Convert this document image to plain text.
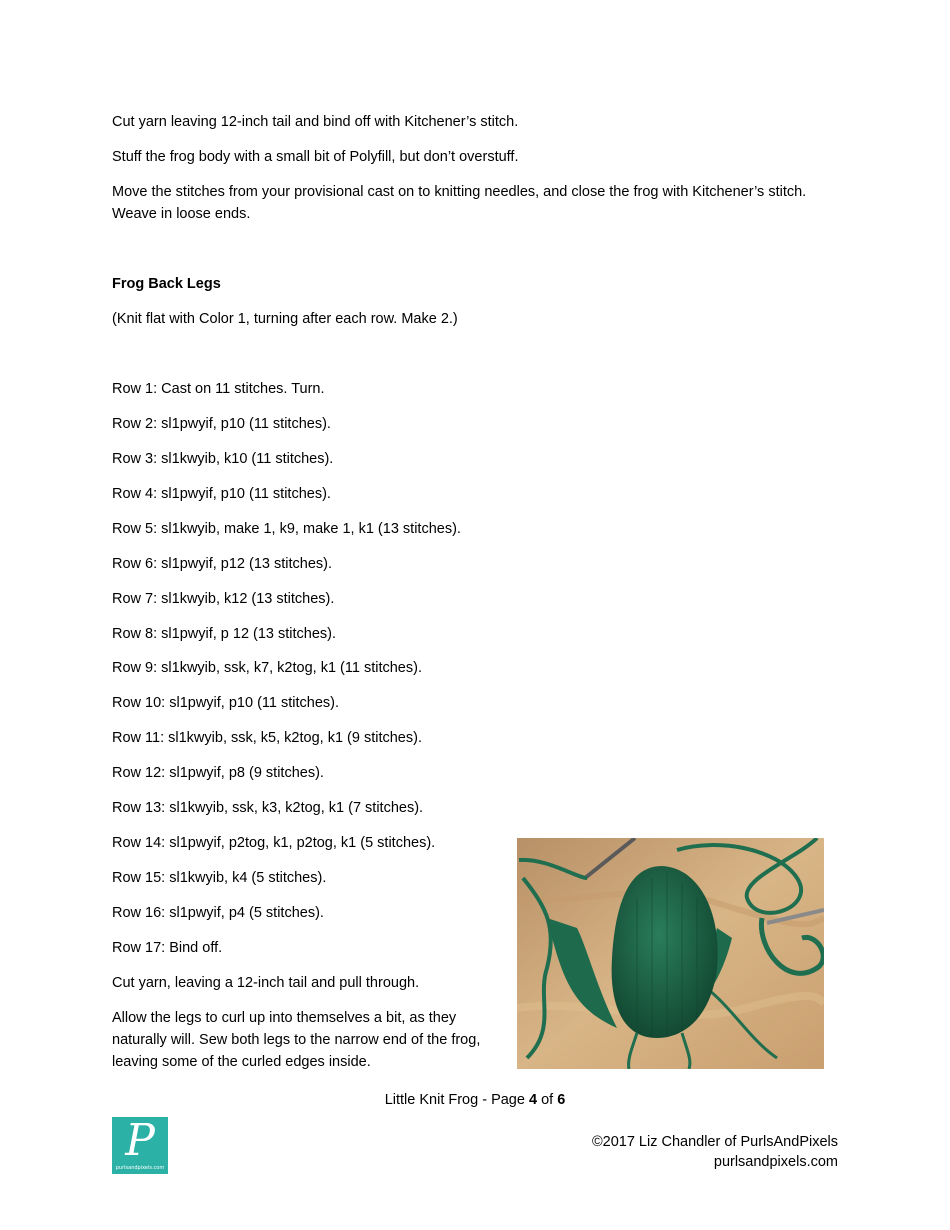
Cut yarn leaving 12-inch tail and bind off with Kitchener’s stitch.

Stuff the frog body with a small bit of Polyfill, but don’t overstuff.

Move the stitches from your provisional cast on to knitting needles, and close the frog with Kitchener’s stitch. Weave in loose ends.

Frog Back Legs

(Knit flat with Color 1, turning after each row. Make 2.)

Row 1: Cast on 11 stitches. Turn.

Row 2: sl1pwyif, p10 (11 stitches).

Row 3: sl1kwyib, k10 (11 stitches).

Row 4: sl1pwyif, p10 (11 stitches).

Row 5: sl1kwyib, make 1, k9, make 1, k1 (13 stitches).

Row 6: sl1pwyif, p12 (13 stitches).

Row 7: sl1kwyib, k12 (13 stitches).

Row 8: sl1pwyif, p 12 (13 stitches).

Row 9: sl1kwyib, ssk, k7, k2tog, k1 (11 stitches).

Row 10: sl1pwyif, p10 (11 stitches).

Row 11: sl1kwyib, ssk, k5, k2tog, k1 (9 stitches).

Row 12: sl1pwyif, p8 (9 stitches).

Row 13: sl1kwyib, ssk, k3, k2tog, k1 (7 stitches).

Row 14: sl1pwyif, p2tog, k1, p2tog, k1 (5 stitches).

Row 15: sl1kwyib, k4 (5 stitches).

Row 16: sl1pwyif, p4 (5 stitches).

Row 17: Bind off.

Cut yarn, leaving a 12-inch tail and pull through.

Allow the legs to curl up into themselves a bit, as they naturally will. Sew both legs to the narrow end of the frog, leaving some of the curled edges inside.

Little Knit Frog - Page 4 of 6
P
purlsandpixels.com
©2017 Liz Chandler of PurlsAndPixels
purlsandpixels.com
